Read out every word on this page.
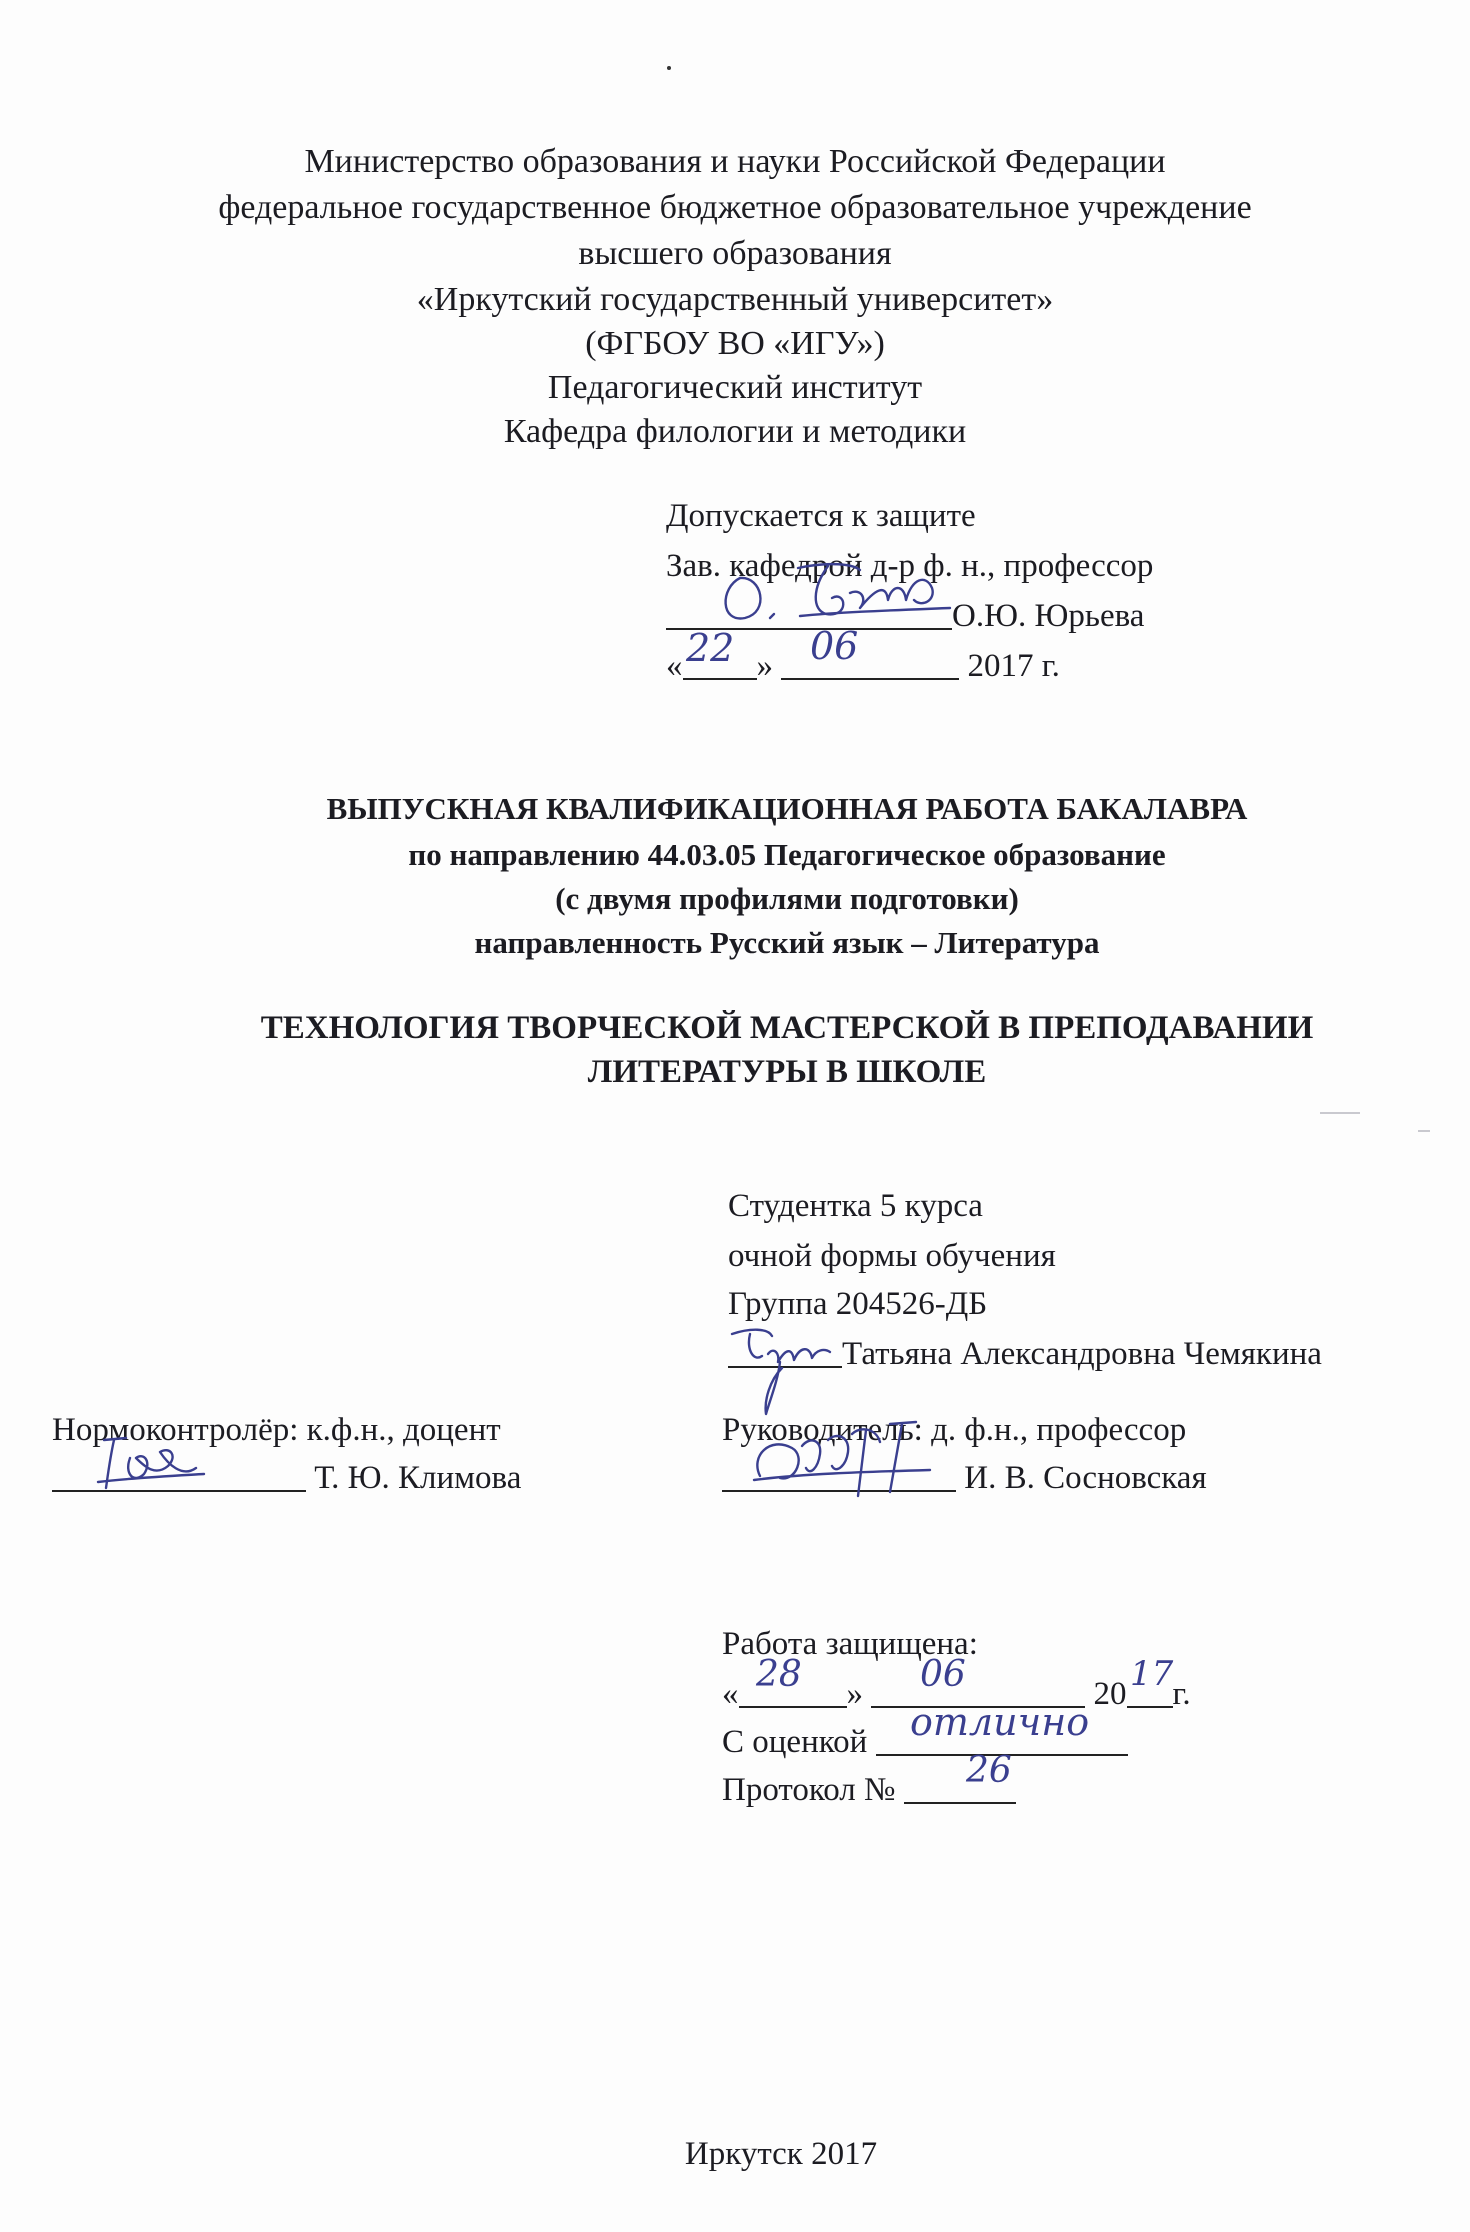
Министерство образования и науки Российской Федерации
федеральное государственное бюджетное образовательное учреждение
высшего образования
«Иркутский государственный университет»
(ФГБОУ ВО «ИГУ»)
Педагогический институт
Кафедра филологии и методики
Допускается к защите
Зав. кафедрой д-р ф. н., профессор
О.Ю. Юрьева
« »	2017 г.
22 06
ВЫПУСКНАЯ КВАЛИФИКАЦИОННАЯ РАБОТА БАКАЛАВРА
по направлению 44.03.05 Педагогическое образование
(с двумя профилями подготовки)
направленность Русский язык – Литература
ТЕХНОЛОГИЯ ТВОРЧЕСКОЙ МАСТЕРСКОЙ В ПРЕПОДАВАНИИ
ЛИТЕРАТУРЫ В ШКОЛЕ
Студентка 5 курса
очной формы обучения
Группа 204526-ДБ
Татьяна Александровна Чемякина
Нормоконтролёр: к.ф.н., доцент
Т. Ю. Климова
Руководитель: д. ф.н., профессор
И. В. Сосновская
Работа защищена:
«	»	20 г.
28	06	17
С оценкой	отлично
Протокол №	26
Иркутск 2017
